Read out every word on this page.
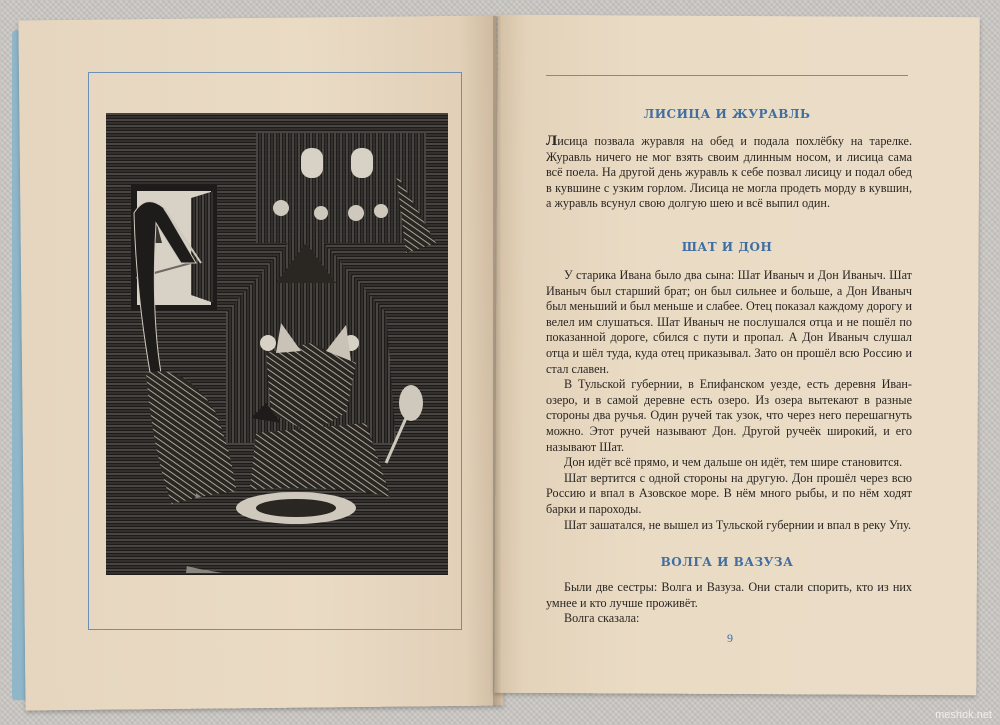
ЛИСИЦА И ЖУРАВЛЬ

Лисица позвала журавля на обед и подала похлёбку на тарелке. Журавль ничего не мог взять своим длинным носом, и лисица сама всё поела. На другой день журавль к себе позвал лисицу и подал обед в кувшине с узким горлом. Лисица не могла продеть морду в кувшин, а журавль всунул свою долгую шею и всё выпил один.

ШАТ И ДОН

У старика Ивана было два сына: Шат Иваныч и Дон Иваныч. Шат Иваныч был старший брат; он был сильнее и больше, а Дон Иваныч был меньший и был меньше и слабее. Отец показал каждому дорогу и велел им слушаться. Шат Иваныч не послушался отца и не пошёл по показанной дороге, сбился с пути и пропал. А Дон Иваныч слушал отца и шёл туда, куда отец приказывал. Зато он прошёл всю Россию и стал славен.

В Тульской губернии, в Епифанском уезде, есть деревня Иван-озеро, и в самой деревне есть озеро. Из озера вытекают в разные стороны два ручья. Один ручей так узок, что через него перешагнуть можно. Этот ручей называют Дон. Другой ручеёк широкий, и его называют Шат.

Дон идёт всё прямо, и чем дальше он идёт, тем шире становится.

Шат вертится с одной стороны на другую. Дон прошёл через всю Россию и впал в Азовское море. В нём много рыбы, и по нём ходят барки и пароходы.

Шат зашатался, не вышел из Тульской губернии и впал в реку Упу.

ВОЛГА И ВАЗУЗА

Были две сестры: Волга и Вазуза. Они стали спорить, кто из них умнее и кто лучше проживёт.

Волга сказала:

9
meshok.net
